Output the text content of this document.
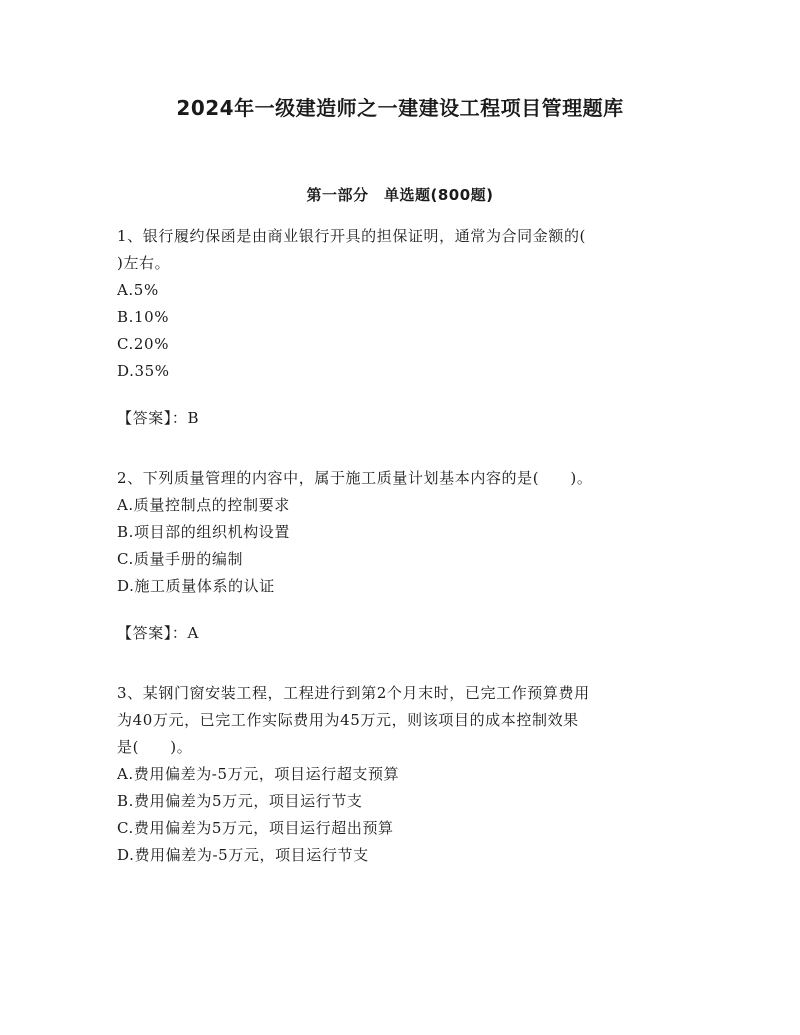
2024年一级建造师之一建建设工程项目管理题库
第一部分　单选题(800题)
1、银行履约保函是由商业银行开具的担保证明，通常为合同金额的(
)左右。
A.5%
B.10%
C.20%
D.35%
【答案】：B
2、下列质量管理的内容中，属于施工质量计划基本内容的是(　　)。
A.质量控制点的控制要求
B.项目部的组织机构设置
C.质量手册的编制
D.施工质量体系的认证
【答案】：A
3、某钢门窗安装工程，工程进行到第2个月末时，已完工作预算费用
为40万元，已完工作实际费用为45万元，则该项目的成本控制效果
是(　　)。
A.费用偏差为-5万元，项目运行超支预算
B.费用偏差为5万元，项目运行节支
C.费用偏差为5万元，项目运行超出预算
D.费用偏差为-5万元，项目运行节支
